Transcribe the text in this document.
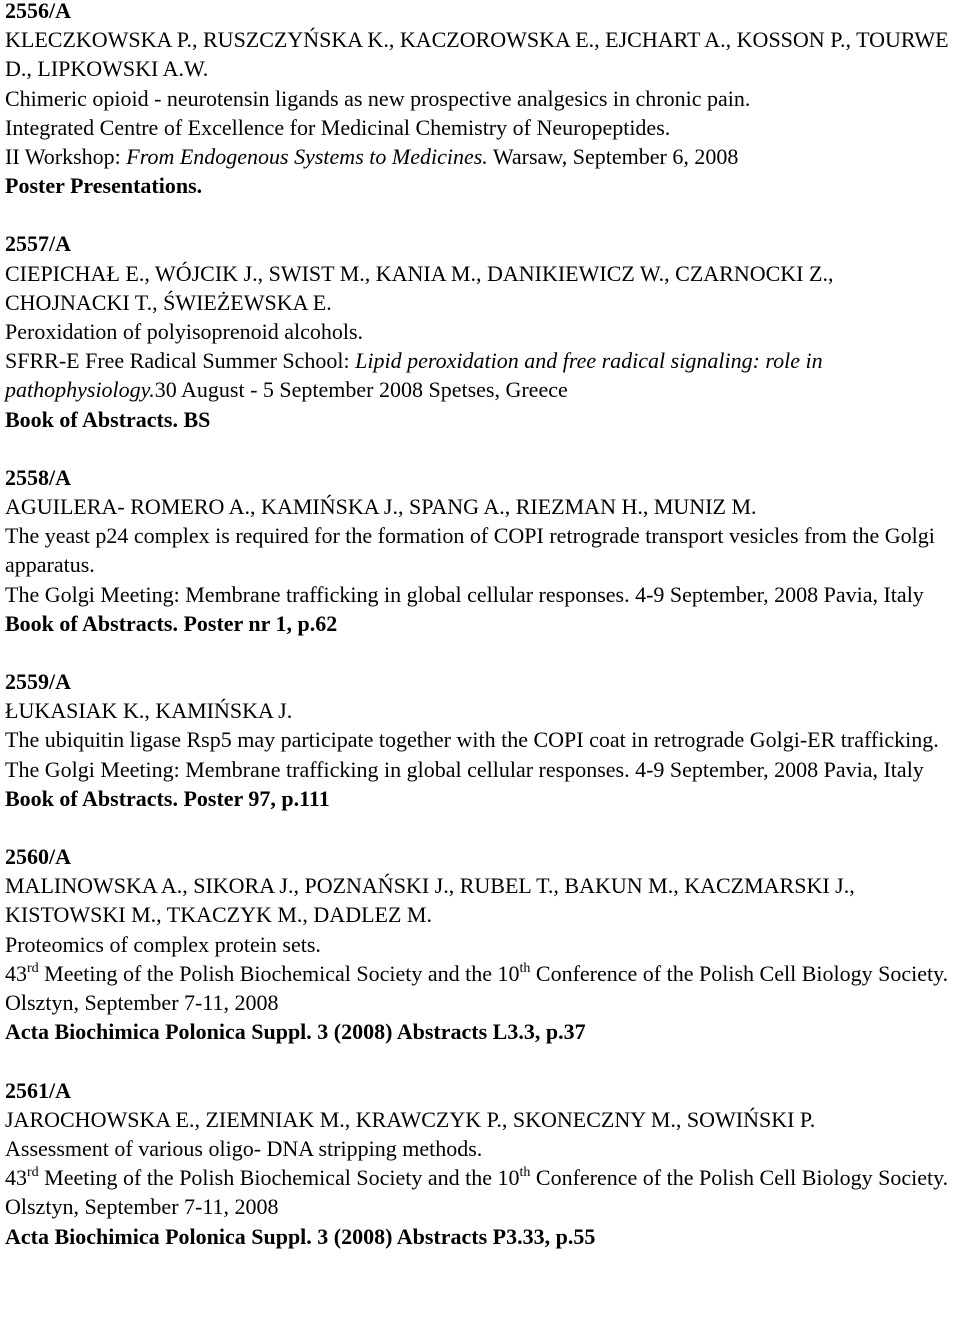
2556/A
KLECZKOWSKA P., RUSZCZYŃSKA K., KACZOROWSKA E., EJCHART A., KOSSON P., TOURWE D., LIPKOWSKI A.W.
Chimeric opioid - neurotensin ligands as new prospective analgesics in chronic pain.
Integrated Centre of Excellence for Medicinal Chemistry of Neuropeptides.
II Workshop: From Endogenous Systems to Medicines. Warsaw, September 6, 2008
Poster Presentations.
2557/A
CIEPICHAŁ E., WÓJCIK J., SWIST M., KANIA M., DANIKIEWICZ W., CZARNOCKI Z., CHOJNACKI T., ŚWIEŻEWSKA E.
Peroxidation of polyisoprenoid alcohols.
SFRR-E Free Radical Summer School: Lipid peroxidation and free radical signaling: role in pathophysiology.30 August - 5 September 2008 Spetses, Greece
Book of Abstracts. BS
2558/A
AGUILERA- ROMERO A., KAMIŃSKA J., SPANG A., RIEZMAN H., MUNIZ M.
The yeast p24 complex is required for the formation of COPI retrograde transport vesicles from the Golgi apparatus.
The Golgi Meeting: Membrane trafficking in global cellular responses. 4-9 September, 2008 Pavia, Italy
Book of Abstracts. Poster nr 1, p.62
2559/A
ŁUKASIAK K., KAMIŃSKA J.
The ubiquitin ligase Rsp5 may participate together with the COPI coat in retrograde Golgi-ER trafficking.
The Golgi Meeting: Membrane trafficking in global cellular responses. 4-9 September, 2008 Pavia, Italy
Book of Abstracts. Poster 97, p.111
2560/A
MALINOWSKA A., SIKORA J., POZNAŃSKI J., RUBEL T., BAKUN M., KACZMARSKI J., KISTOWSKI M., TKACZYK M., DADLEZ M.
Proteomics of complex protein sets.
43rd Meeting of the Polish Biochemical Society and the 10th Conference of the Polish Cell Biology Society. Olsztyn, September 7-11, 2008
Acta Biochimica Polonica Suppl. 3 (2008) Abstracts L3.3, p.37
2561/A
JAROCHOWSKA E., ZIEMNIAK M., KRAWCZYK P., SKONECZNY M., SOWIŃSKI P.
Assessment of various oligo- DNA stripping methods.
43rd Meeting of the Polish Biochemical Society and the 10th Conference of the Polish Cell Biology Society. Olsztyn, September 7-11, 2008
Acta Biochimica Polonica Suppl. 3 (2008) Abstracts P3.33, p.55
